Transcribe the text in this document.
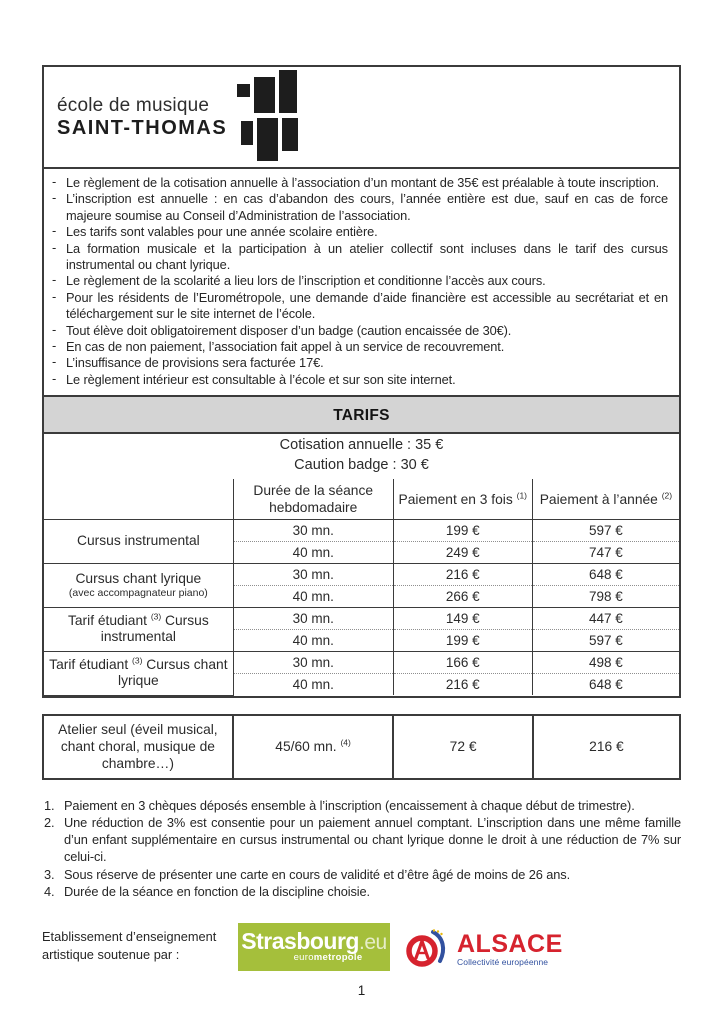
école de musique
SAINT-THOMAS
- Le règlement de la cotisation annuelle à l’association d’un montant de 35€ est préalable à toute inscription.
- L’inscription est annuelle : en cas d’abandon des cours, l’année entière est due, sauf en cas de force majeure soumise au Conseil d’Administration de l’association.
- Les tarifs sont valables pour une année scolaire entière.
- La formation musicale et la participation à un atelier collectif sont incluses dans le tarif des cursus instrumental ou chant lyrique.
- Le règlement de la scolarité a lieu lors de l’inscription et conditionne l’accès aux cours.
- Pour les résidents de l’Eurométropole, une demande d’aide financière est accessible au secrétariat et en téléchargement sur le site internet de l’école.
- Tout élève doit obligatoirement disposer d’un badge (caution encaissée de 30€).
- En cas de non paiement, l’association fait appel à un service de recouvrement.
- L’insuffisance de provisions sera facturée 17€.
- Le règlement intérieur est consultable à l’école et sur son site internet.
TARIFS
Cotisation annuelle : 35 €
Caution badge : 30 €
	Durée de la séance hebdomadaire	Paiement en 3 fois $^{(1)}$	Paiement à l’année $^{(2)}$

Cursus instrumental	30 mn.	199 €	597 €
	40 mn.	249 €	747 €

Cursus chant lyrique
(avec accompagnateur piano)	30 mn.	216 €	648 €
	40 mn.	266 €	798 €

Tarif étudiant $^{(3)}$ Cursus instrumental	30 mn.	149 €	447 €
	40 mn.	199 €	597 €

Tarif étudiant $^{(3)}$ Cursus chant lyrique	30 mn.	166 €	498 €
	40 mn.	216 €	648 €
Atelier seul (éveil musical, chant choral, musique de chambre…)	45/60 mn. $^{(4)}$	72 €	216 €
1. Paiement en 3 chèques déposés ensemble à l’inscription (encaissement à chaque début de trimestre).
2. Une réduction de 3% est consentie pour un paiement annuel comptant. L’inscription dans une même famille d’un enfant supplémentaire en cursus instrumental ou chant lyrique donne le droit à une réduction de 7% sur celui-ci.
3. Sous réserve de présenter une carte en cours de validité et d’être âgé de moins de 26 ans.
4. Durée de la séance en fonction de la discipline choisie.
Etablissement d’enseignement artistique soutenue par :
Strasbourg.eu
eurometropole	ALSACE
Collectivité européenne
1
